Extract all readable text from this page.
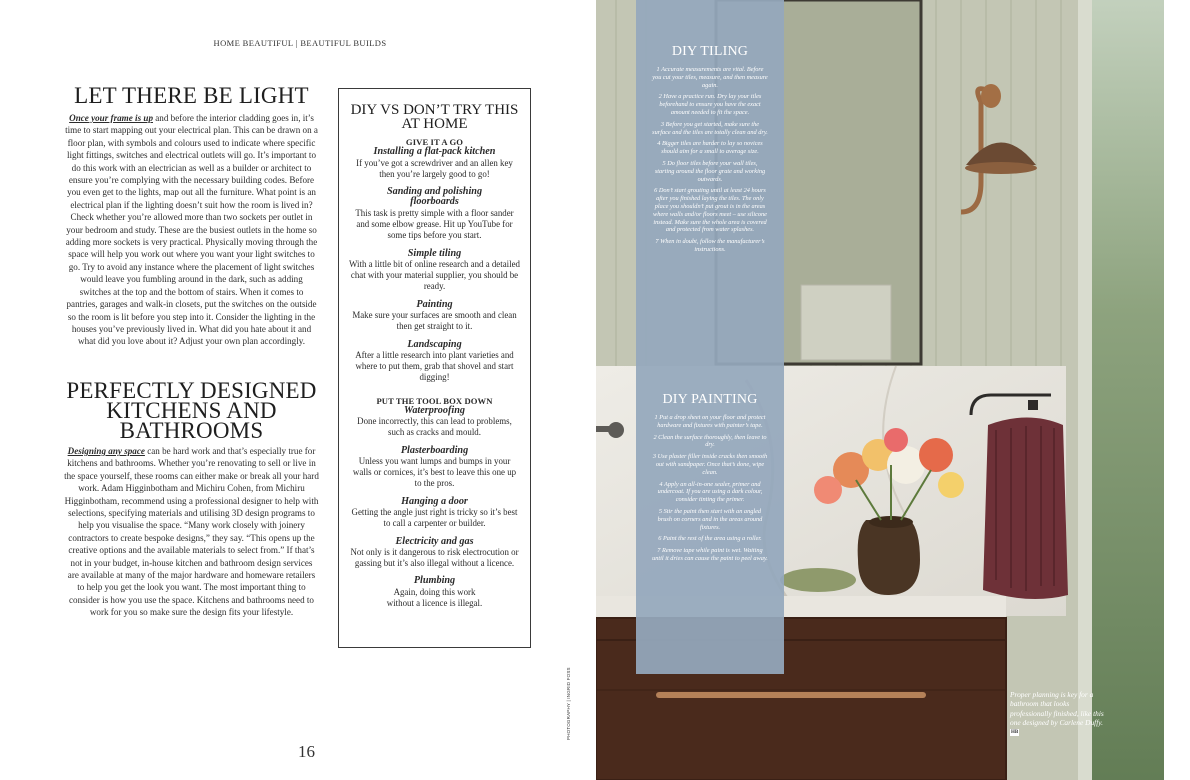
HOME BEAUTIFUL | BEAUTIFUL BUILDS
LET THERE BE LIGHT

Once your frame is up and before the interior cladding goes in, it’s time to start mapping out your electrical plan. This can be drawn on a floor plan, with symbols and colours used to indicate where specific light fittings, switches and electrical outlets will go. It’s important to do this work with an electrician as well as a builder or architect to ensure you’re complying with the necessary building codes. Before you even get to the lights, map out all the furniture. What point is an electrical plan if the lighting doesn’t suit how the room is lived in? Check whether you’re allowed more than two sockets per outlet in your bedroom and study. These are the busiest outlets in the home so adding more sockets is very practical. Physically moving through the space will help you work out where you want your light switches to go. Try to avoid any instance where the placement of light switches would leave you fumbling around in the dark, such as adding switches at the top and the bottom of stairs. When it comes to pantries, garages and walk-in closets, put the switches on the outside so the room is lit before you step into it. Consider the lighting in the houses you’ve previously lived in. What did you hate about it and what did you love about it? Adjust your own plan accordingly.

PERFECTLY DESIGNED KITCHENS AND BATHROOMS

Designing any space can be hard work and that’s especially true for kitchens and bathrooms. Whether you’re renovating to sell or live in the space yourself, these rooms can either make or break all your hard work. Adam Higginbotham and Michiru Cohen, from Michiru Higginbotham, recommend using a professional designer to help with selections, specifying materials and utilising 3D design programs to help you visualise the space. “Many work closely with joinery contractors to create bespoke designs,” they say. “This opens up the creative options and the available materials to select from.” If that’s not in your budget, in-house kitchen and bathroom design services are available at many of the major hardware and homeware retailers to help you get the look you want. The most important thing to consider is how you use the space. Kitchens and bathrooms need to work for you so make sure the design fits your lifestyle.

DIY VS DON’T TRY THIS AT HOME
GIVE IT A GO
Installing a flat-pack kitchen
If you’ve got a screwdriver and an allen key then you’re largely good to go!
Sanding and polishing floorboards
This task is pretty simple with a floor sander and some elbow grease. Hit up YouTube for some tips before you start.
Simple tiling
With a little bit of online research and a detailed chat with your material supplier, you should be ready.
Painting
Make sure your surfaces are smooth and clean then get straight to it.
Landscaping
After a little research into plant varieties and where to put them, grab that shovel and start digging!
PUT THE TOOL BOX DOWN
Waterproofing
Done incorrectly, this can lead to problems, such as cracks and mould.
Plasterboarding
Unless you want lumps and bumps in your walls or cornices, it’s best to leave this one up to the pros.
Hanging a door
Getting the angle just right is tricky so it’s best to call a carpenter or builder.
Electricity and gas
Not only is it dangerous to risk electrocution or gassing but it’s also illegal without a licence.
Plumbing
Again, doing this work without a licence is illegal.
16
PHOTOGRAPHY | INGRID FOSS
DIY TILING

1 Accurate measurements are vital. Before you cut your tiles, measure, and then measure again.

2 Have a practice run. Dry lay your tiles beforehand to ensure you have the exact amount needed to fit the space.

3 Before you get started, make sure the surface and the tiles are totally clean and dry.

4 Bigger tiles are harder to lay so novices should aim for a small to average size.

5 Do floor tiles before your wall tiles, starting around the floor grate and working outwards.

6 Don’t start grouting until at least 24 hours after you finished laying the tiles. The only place you shouldn’t put grout is in the areas where walls and/or floors meet – use silicone instead. Make sure the whole area is covered and protected from water splashes.

7 When in doubt, follow the manufacturer’s instructions.

DIY PAINTING

1 Put a drop sheet on your floor and protect hardware and fixtures with painter’s tape.

2 Clean the surface thoroughly, then leave to dry.

3 Use plaster filler inside cracks then smooth out with sandpaper. Once that’s done, wipe clean.

4 Apply an all-in-one sealer, primer and undercoat. If you are using a dark colour, consider tinting the primer.

5 Stir the paint then start with an angled brush on corners and in the areas around fixtures.

6 Paint the rest of the area using a roller.

7 Remove tape while paint is wet. Waiting until it dries can cause the paint to peel away.

Proper planning is key for a bathroom that looks professionally finished, like this one designed by Carlene Duffy. HB
